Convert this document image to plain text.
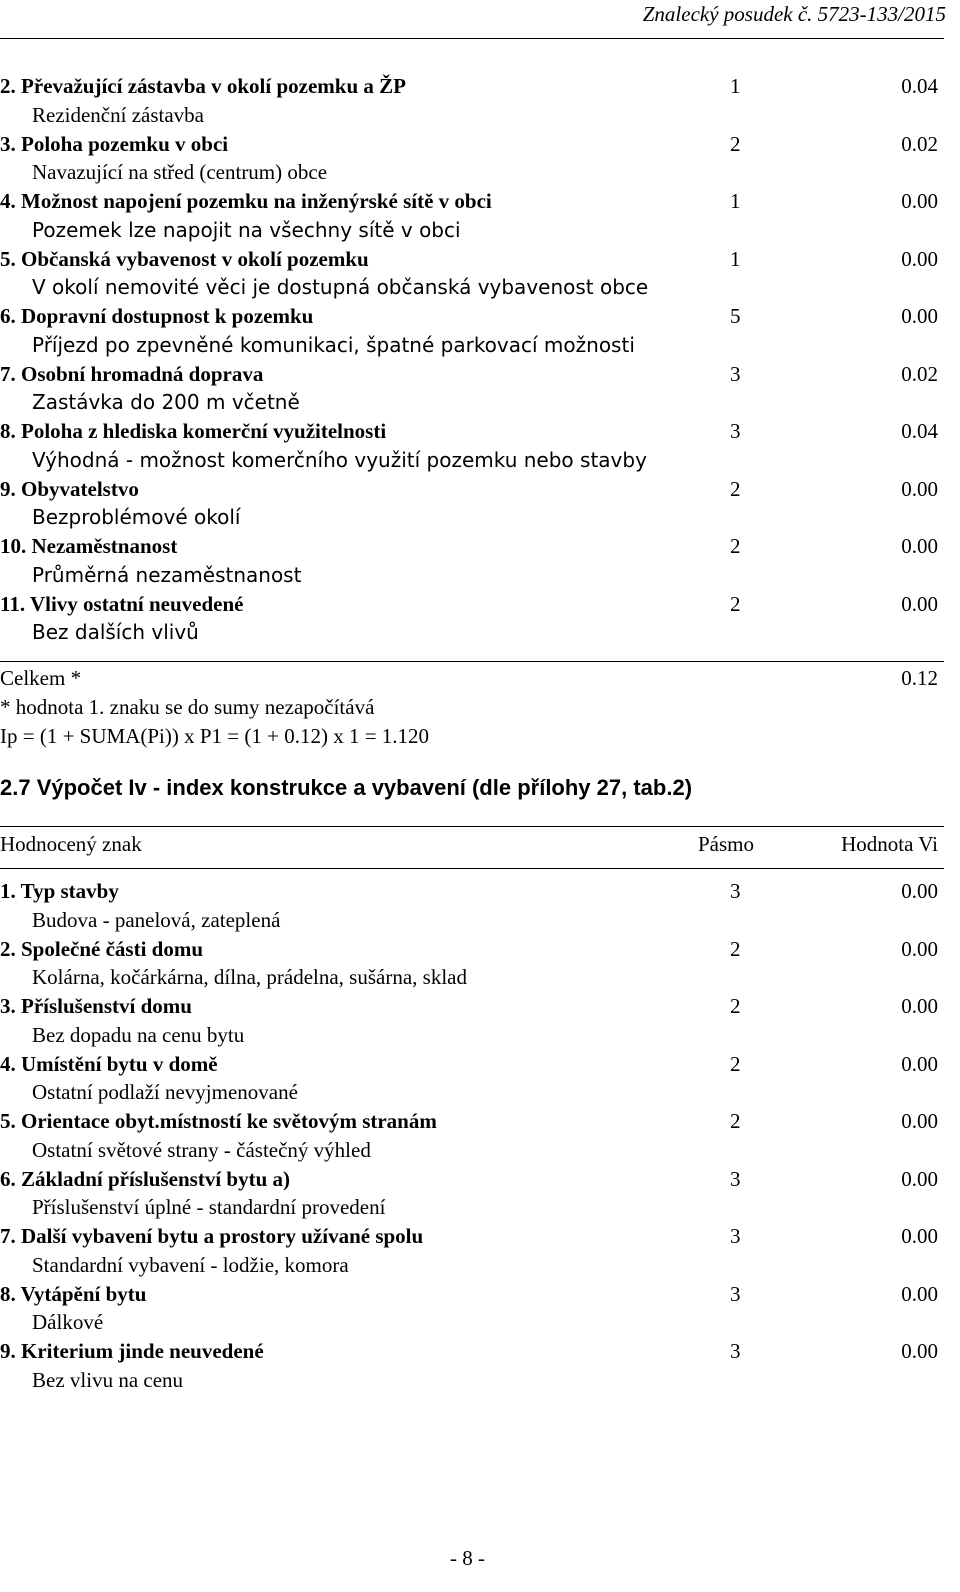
Znalecký posudek č. 5723-133/2015
2. Převažující zástavba v okolí pozemku a ŽP	1	0.04
Rezidenční zástavba
3. Poloha pozemku v obci	2	0.02
Navazující na střed (centrum) obce
4. Možnost napojení pozemku na inženýrské sítě v obci	1	0.00
Pozemek lze napojit na všechny sítě v obci
5. Občanská vybavenost v okolí pozemku	1	0.00
V okolí nemovité věci je dostupná občanská vybavenost obce
6. Dopravní dostupnost k pozemku	5	0.00
Příjezd po zpevněné komunikaci, špatné parkovací možnosti
7. Osobní hromadná doprava	3	0.02
Zastávka do 200 m včetně
8. Poloha z hlediska komerční využitelnosti	3	0.04
Výhodná - možnost komerčního využití pozemku nebo stavby
9. Obyvatelstvo	2	0.00
Bezproblémové okolí
10. Nezaměstnanost	2	0.00
Průměrná nezaměstnanost
11. Vlivy ostatní neuvedené	2	0.00
Bez dalších vlivů
Celkem *	0.12
* hodnota 1. znaku se do sumy nezapočítává
Ip = (1 + SUMA(Pi)) x P1 = (1 + 0.12) x 1 = 1.120
2.7 Výpočet Iv - index konstrukce a vybavení (dle přílohy 27, tab.2)
Hodnocený znak	Pásmo	Hodnota Vi
1. Typ stavby	3	0.00
Budova - panelová, zateplená
2. Společné části domu	2	0.00
Kolárna, kočárkárna, dílna, prádelna, sušárna, sklad
3. Příslušenství domu	2	0.00
Bez dopadu na cenu bytu
4. Umístění bytu v domě	2	0.00
Ostatní podlaží nevyjmenované
5. Orientace obyt.místností ke světovým stranám	2	0.00
Ostatní světové strany - částečný výhled
6. Základní příslušenství bytu a)	3	0.00
Příslušenství úplné - standardní provedení
7. Další vybavení bytu a prostory užívané spolu	3	0.00
Standardní vybavení - lodžie, komora
8. Vytápění bytu	3	0.00
Dálkové
9. Kriterium jinde neuvedené	3	0.00
Bez vlivu na cenu
- 8 -
